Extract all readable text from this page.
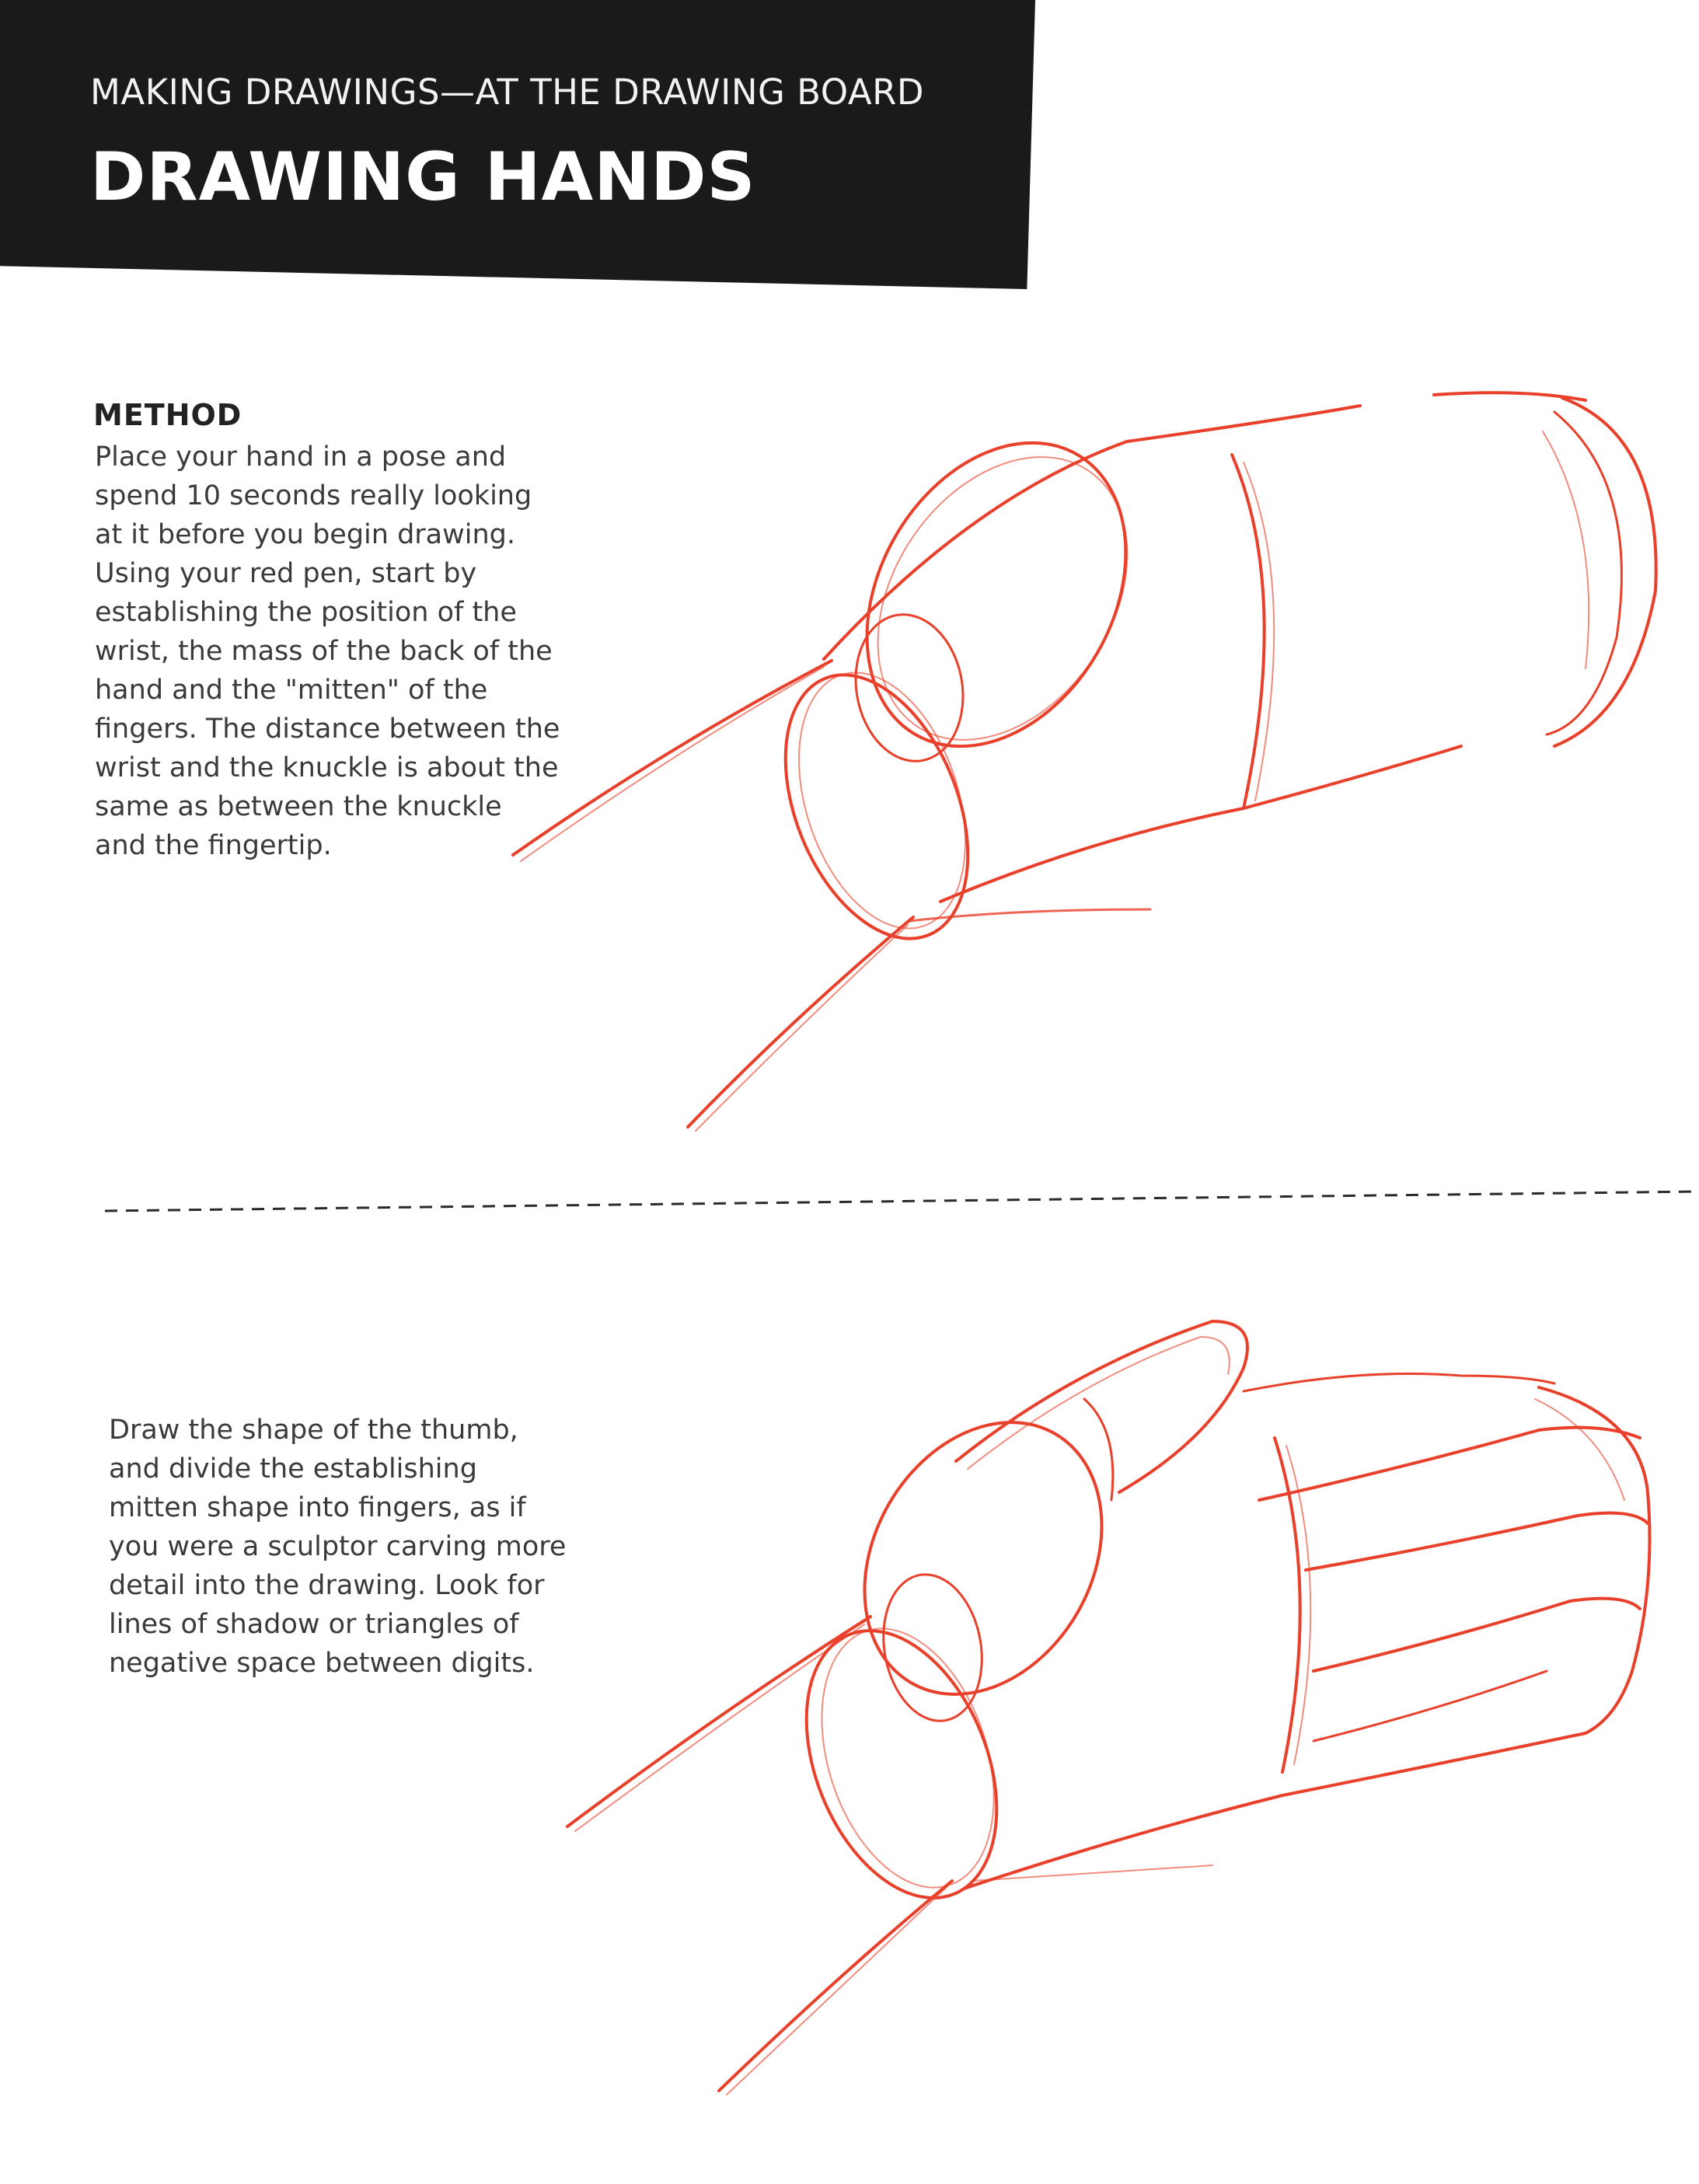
MAKING DRAWINGS—AT THE DRAWING BOARD
DRAWING HANDS
METHOD

Place your hand in a pose and spend 10 seconds really looking at it before you begin drawing. Using your red pen, start by establishing the position of the wrist, the mass of the back of the hand and the "mitten" of the fingers. The distance between the wrist and the knuckle is about the same as between the knuckle and the fingertip.

Draw the shape of the thumb, and divide the establishing mitten shape into fingers, as if you were a sculptor carving more detail into the drawing. Look for lines of shadow or triangles of negative space between digits.
